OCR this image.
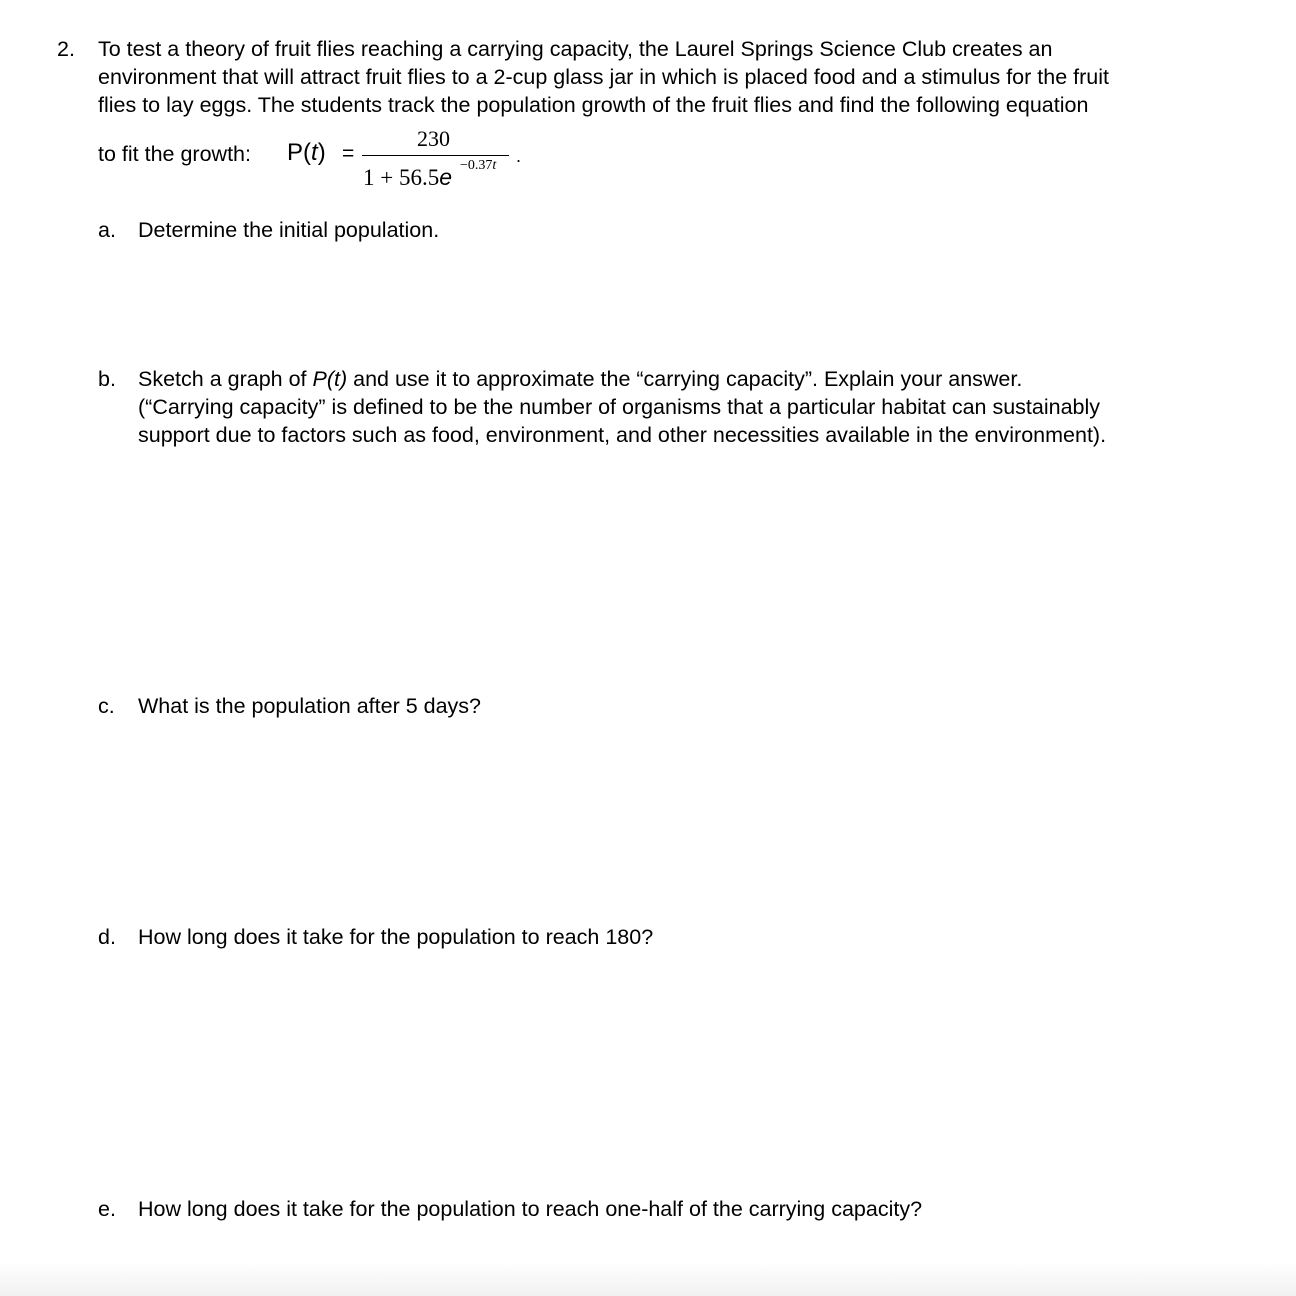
2. To test a theory of fruit flies reaching a carrying capacity, the Laurel Springs Science Club creates an
environment that will attract fruit flies to a 2-cup glass jar in which is placed food and a stimulus for the fruit
flies to lay eggs. The students track the population growth of the fruit flies and find the following equation
to fit the growth: P(t) =
230
1 + 56.5e −0.37t .
a. Determine the initial population.
b. Sketch a graph of P(t) and use it to approximate the “carrying capacity”. Explain your answer.
(“Carrying capacity” is defined to be the number of organisms that a particular habitat can sustainably
support due to factors such as food, environment, and other necessities available in the environment).
c. What is the population after 5 days?
d. How long does it take for the population to reach 180?
e. How long does it take for the population to reach one-half of the carrying capacity?
